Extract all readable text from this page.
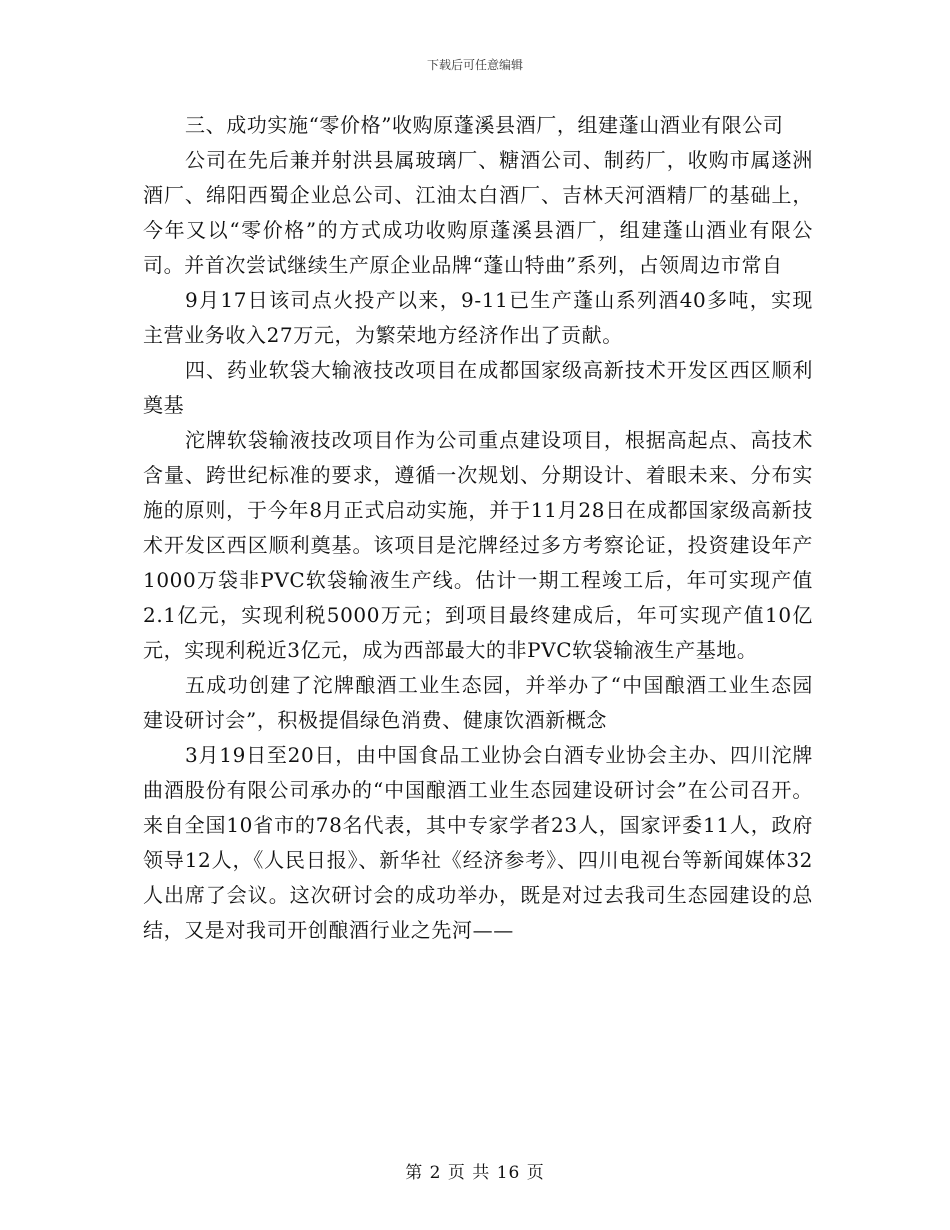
下载后可任意编辑

三、成功实施“零价格”收购原蓬溪县酒厂，组建蓬山酒业有限公司

公司在先后兼并射洪县属玻璃厂、糖酒公司、制药厂，收购市属遂洲酒厂、绵阳西蜀企业总公司、江油太白酒厂、吉林天河酒精厂的基础上，今年又以“零价格”的方式成功收购原蓬溪县酒厂，组建蓬山酒业有限公司。并首次尝试继续生产原企业品牌“蓬山特曲”系列，占领周边市常自

9月17日该司点火投产以来，9-11已生产蓬山系列酒40多吨，实现主营业务收入27万元，为繁荣地方经济作出了贡献。

四、药业软袋大输液技改项目在成都国家级高新技术开发区西区顺利奠基

沱牌软袋输液技改项目作为公司重点建设项目，根据高起点、高技术含量、跨世纪标准的要求，遵循一次规划、分期设计、着眼未来、分布实施的原则，于今年8月正式启动实施，并于11月28日在成都国家级高新技术开发区西区顺利奠基。该项目是沱牌经过多方考察论证，投资建设年产1000万袋非PVC软袋输液生产线。估计一期工程竣工后，年可实现产值2.1亿元，实现利税5000万元；到项目最终建成后，年可实现产值10亿元，实现利税近3亿元，成为西部最大的非PVC软袋输液生产基地。

五成功创建了沱牌酿酒工业生态园，并举办了“中国酿酒工业生态园建设研讨会”，积极提倡绿色消费、健康饮酒新概念

3月19日至20日，由中国食品工业协会白酒专业协会主办、四川沱牌曲酒股份有限公司承办的“中国酿酒工业生态园建设研讨会”在公司召开。来自全国10省市的78名代表，其中专家学者23人，国家评委11人，政府领导12人，《人民日报》、新华社《经济参考》、四川电视台等新闻媒体32人出席了会议。这次研讨会的成功举办，既是对过去我司生态园建设的总结，又是对我司开创酿酒行业之先河——

第 2 页 共 16 页
